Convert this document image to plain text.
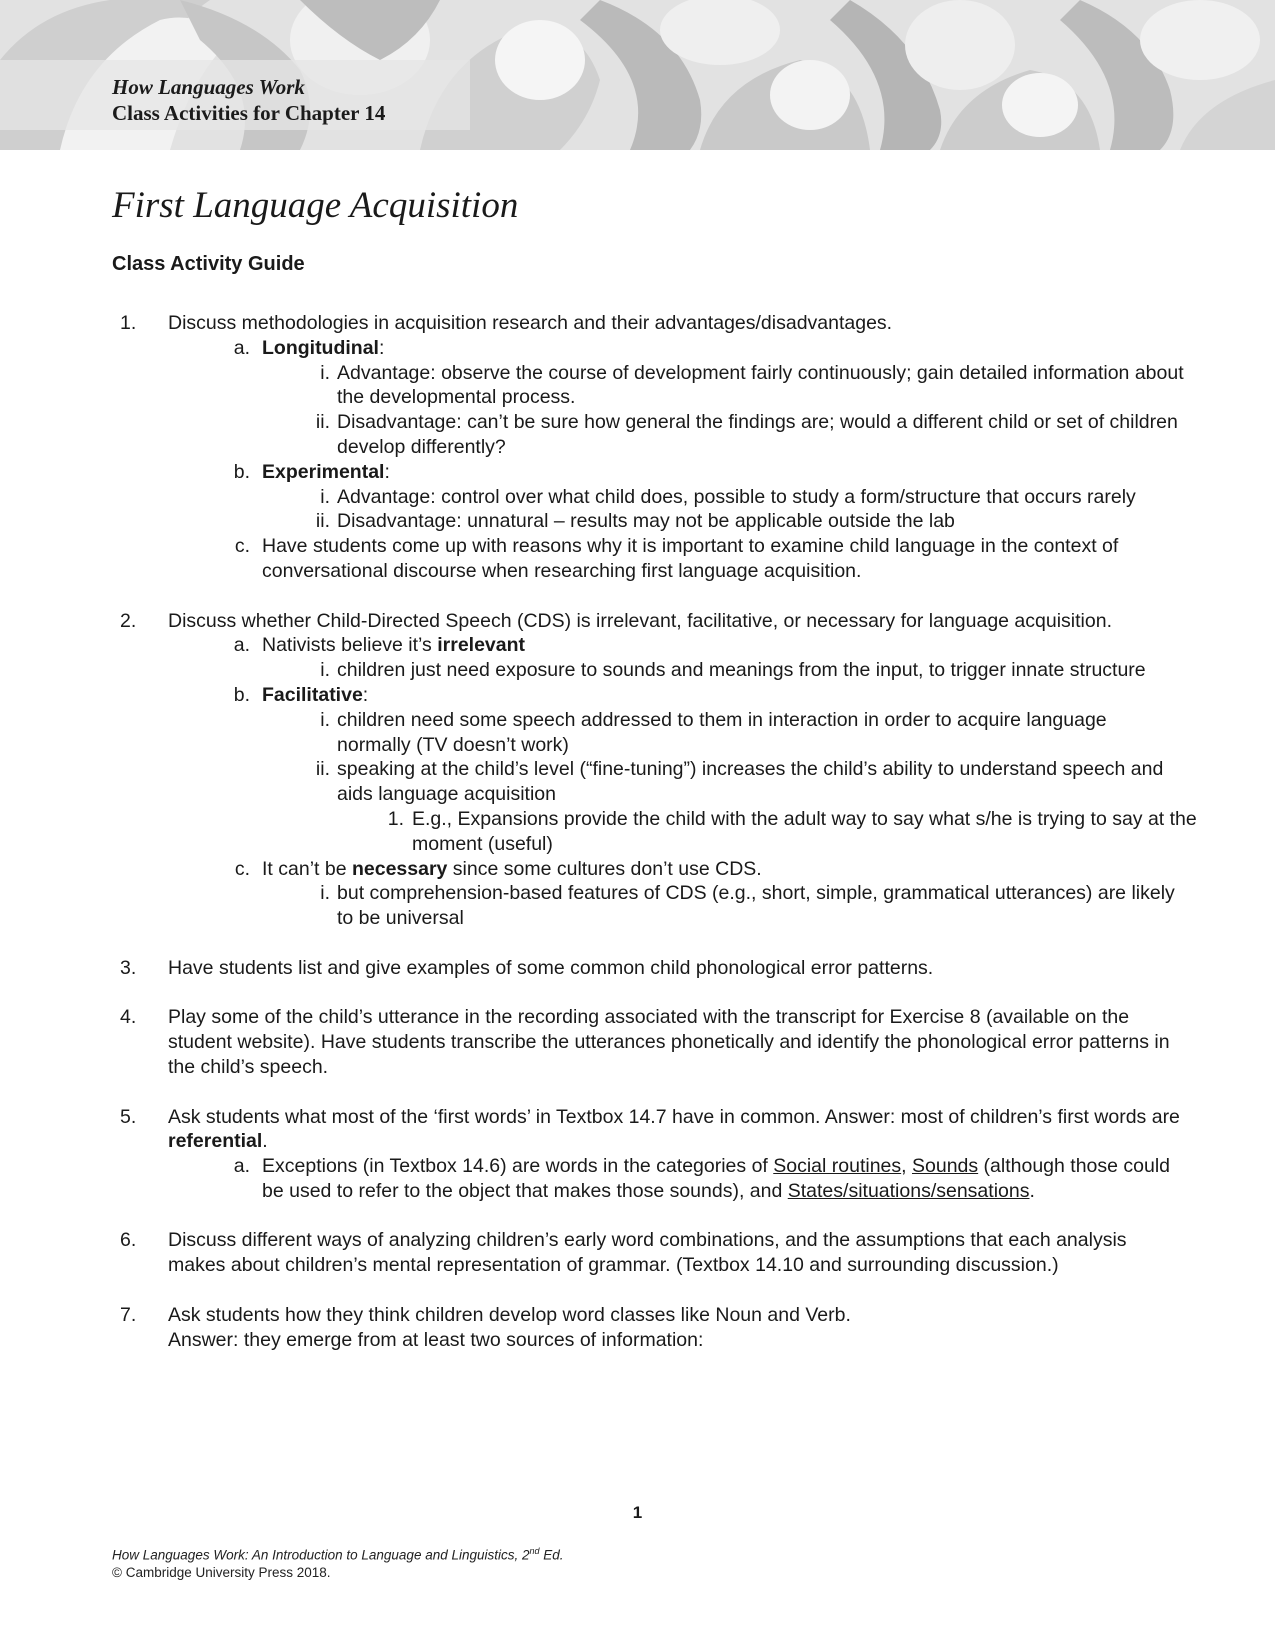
How Languages Work
Class Activities for Chapter 14
First Language Acquisition
Class Activity Guide
1. Discuss methodologies in acquisition research and their advantages/disadvantages.
a. Longitudinal:
i. Advantage: observe the course of development fairly continuously; gain detailed information about the developmental process.
ii. Disadvantage: can’t be sure how general the findings are; would a different child or set of children develop differently?
b. Experimental:
i. Advantage: control over what child does, possible to study a form/structure that occurs rarely
ii. Disadvantage: unnatural – results may not be applicable outside the lab
c. Have students come up with reasons why it is important to examine child language in the context of conversational discourse when researching first language acquisition.
2. Discuss whether Child-Directed Speech (CDS) is irrelevant, facilitative, or necessary for language acquisition.
a. Nativists believe it’s irrelevant
i. children just need exposure to sounds and meanings from the input, to trigger innate structure
b. Facilitative:
i. children need some speech addressed to them in interaction in order to acquire language normally (TV doesn’t work)
ii. speaking at the child’s level (“fine-tuning”) increases the child’s ability to understand speech and aids language acquisition
1. E.g., Expansions provide the child with the adult way to say what s/he is trying to say at the moment (useful)
c. It can’t be necessary since some cultures don’t use CDS.
i. but comprehension-based features of CDS (e.g., short, simple, grammatical utterances) are likely to be universal
3. Have students list and give examples of some common child phonological error patterns.
4. Play some of the child’s utterance in the recording associated with the transcript for Exercise 8 (available on the student website). Have students transcribe the utterances phonetically and identify the phonological error patterns in the child’s speech.
5. Ask students what most of the ‘first words’ in Textbox 14.7 have in common. Answer: most of children’s first words are referential.
a. Exceptions (in Textbox 14.6) are words in the categories of Social routines, Sounds (although those could be used to refer to the object that makes those sounds), and States/situations/sensations.
6. Discuss different ways of analyzing children’s early word combinations, and the assumptions that each analysis makes about children’s mental representation of grammar. (Textbox 14.10 and surrounding discussion.)
7. Ask students how they think children develop word classes like Noun and Verb.
Answer: they emerge from at least two sources of information:
1
How Languages Work: An Introduction to Language and Linguistics, 2nd Ed.
© Cambridge University Press 2018.
